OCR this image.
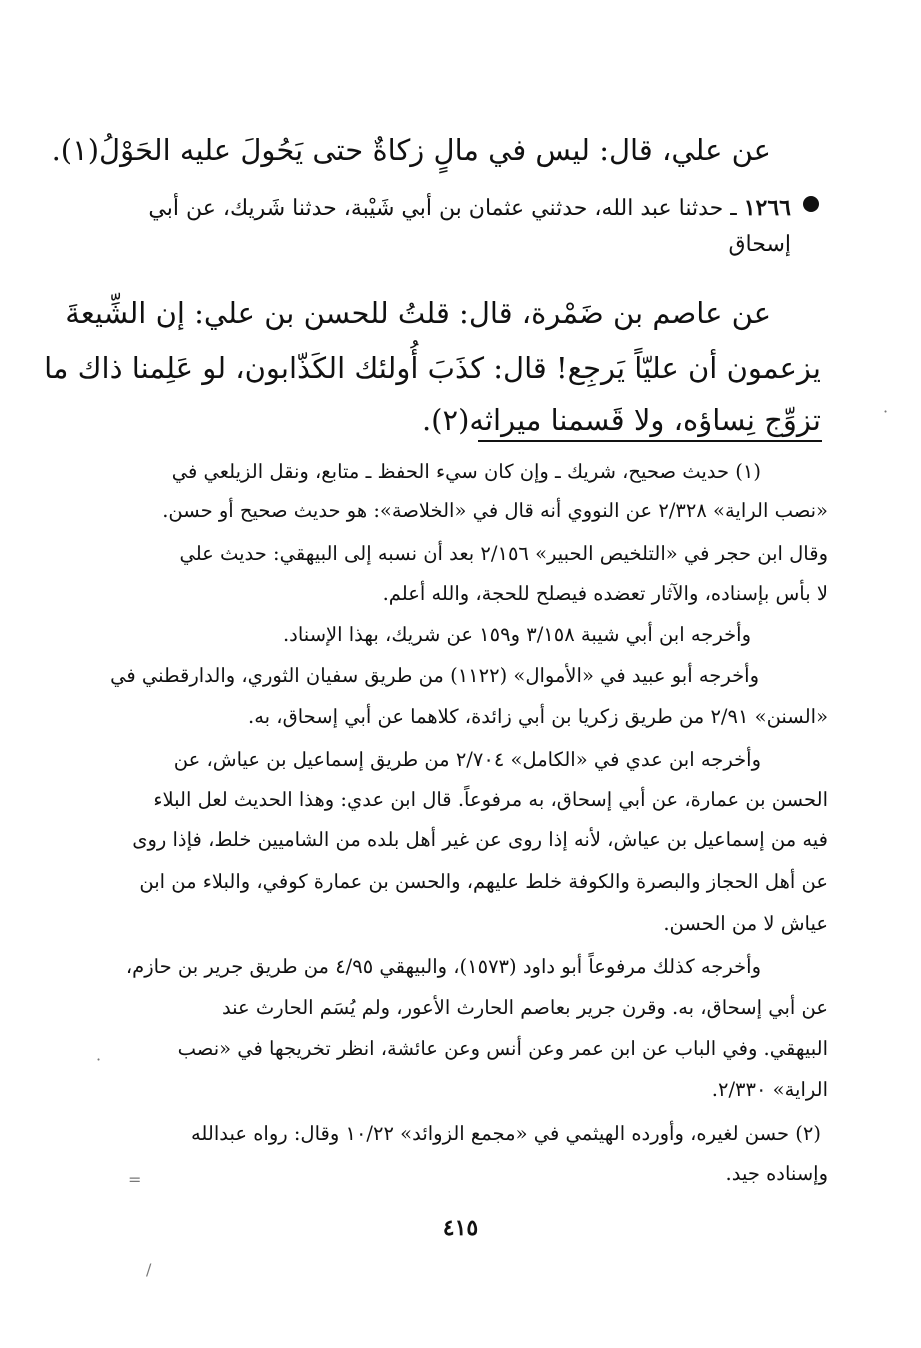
عن علي، قال: ليس في مالٍ زكاةٌ حتى يَحُولَ عليه الحَوْلُ(١).
١٢٦٦ ـ حدثنا عبد الله، حدثني عثمان بن أبي شَيْبة، حدثنا شَريك، عن أبي إسحاق
عن عاصم بن ضَمْرة، قال: قلتُ للحسن بن علي: إن الشِّيعةَ
يزعمون أن عليّاً يَرجِع! قال: كذَبَ أُولئك الكَذّابون، لو عَلِمنا ذاك ما
تزوِّج نِساؤه، ولا قَسمنا ميراثه(٢).
(١) حديث صحيح، شريك ـ وإن كان سيء الحفظ ـ متابع، ونقل الزيلعي في
«نصب الراية» ٢/٣٢٨ عن النووي أنه قال في «الخلاصة»: هو حديث صحيح أو حسن.
وقال ابن حجر في «التلخيص الحبير» ٢/١٥٦ بعد أن نسبه إلى البيهقي: حديث علي
لا بأس بإسناده، والآثار تعضده فيصلح للحجة، والله أعلم.
وأخرجه ابن أبي شيبة ٣/١٥٨ و١٥٩ عن شريك، بهذا الإسناد.
وأخرجه أبو عبيد في «الأموال» (١١٢٢) من طريق سفيان الثوري، والدارقطني في
«السنن» ٢/٩١ من طريق زكريا بن أبي زائدة، كلاهما عن أبي إسحاق، به.
وأخرجه ابن عدي في «الكامل» ٢/٧٠٤ من طريق إسماعيل بن عياش، عن
الحسن بن عمارة، عن أبي إسحاق، به مرفوعاً. قال ابن عدي: وهذا الحديث لعل البلاء
فيه من إسماعيل بن عياش، لأنه إذا روى عن غير أهل بلده من الشاميين خلط، فإذا روى
عن أهل الحجاز والبصرة والكوفة خلط عليهم، والحسن بن عمارة كوفي، والبلاء من ابن
عياش لا من الحسن.
وأخرجه كذلك مرفوعاً أبو داود (١٥٧٣)، والبيهقي ٤/٩٥ من طريق جرير بن حازم،
عن أبي إسحاق، به. وقرن جرير بعاصم الحارث الأعور، ولم يُسَم الحارث عند
البيهقي. وفي الباب عن ابن عمر وعن أنس وعن عائشة، انظر تخريجها في «نصب
الراية» ٢/٣٣٠.
(٢) حسن لغيره، وأورده الهيثمي في «مجمع الزوائد» ١٠/٢٢ وقال: رواه عبدالله
وإسناده جيد.
٤١٥
·
·
=
/
